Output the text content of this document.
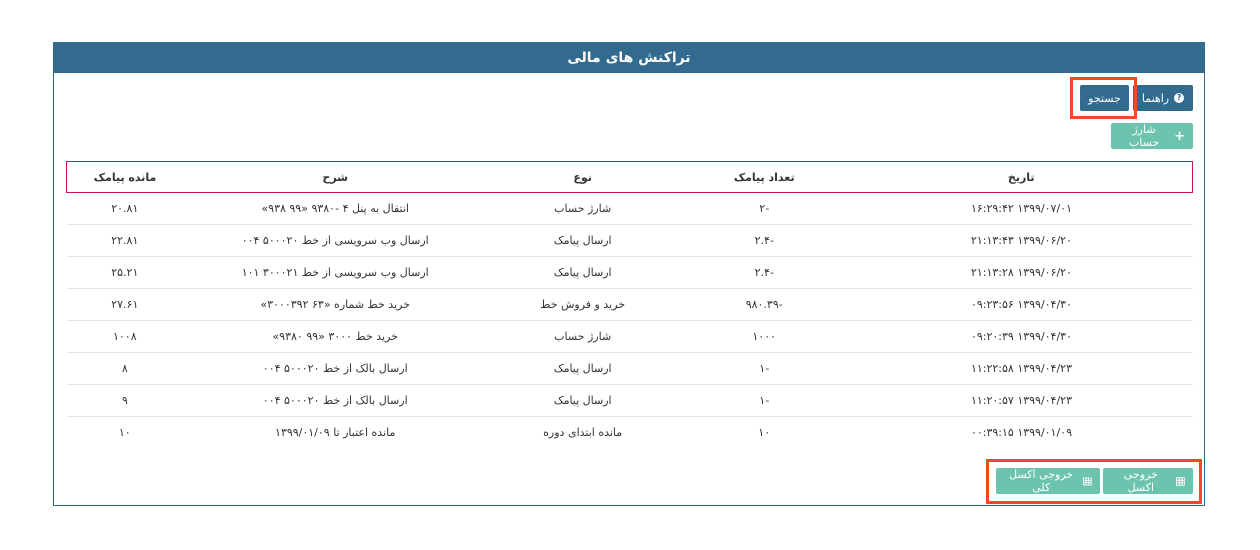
تراکنش های مالی
?
راهنما
جستجو
+
شارژ حساب
تاریخ	تعداد پیامک	نوع	شرح	مانده پیامک
۱۳۹۹/۰۷/۰۱ ۱۶:۲۹:۴۲	-۲	شارژ حساب	انتقال به پنل ۴ -۹۳۸۰ «۹۹ ۹۳۸»	۲۰.۸۱
۱۳۹۹/۰۶/۲۰ ۲۱:۱۳:۴۳	-۲.۴	ارسال پیامک	ارسال وب سرویسی از خط ۵۰۰۰۲۰ ۰۰۴	۲۲.۸۱
۱۳۹۹/۰۶/۲۰ ۲۱:۱۳:۲۸	-۲.۴	ارسال پیامک	ارسال وب سرویسی از خط ۳۰۰۰۲۱ ۱۰۱	۲۵.۲۱
۱۳۹۹/۰۴/۳۰ ۰۹:۲۳:۵۶	-۹۸۰.۳۹	خرید و فروش خط	خرید خط شماره «۶۳ ۳۰۰۰۳۹۲»	۲۷.۶۱
۱۳۹۹/۰۴/۳۰ ۰۹:۲۰:۳۹	۱۰۰۰	شارژ حساب	خرید خط ۳۰۰۰ «۹۹ ۹۳۸۰»	۱۰۰۸
۱۳۹۹/۰۴/۲۳ ۱۱:۲۲:۵۸	-۱	ارسال پیامک	ارسال بالک از خط ۵۰۰۰۲۰ ۰۰۴	۸
۱۳۹۹/۰۴/۲۳ ۱۱:۲۰:۵۷	-۱	ارسال پیامک	ارسال بالک از خط ۵۰۰۰۲۰ ۰۰۴	۹
۱۳۹۹/۰۱/۰۹ ۰۰:۳۹:۱۵	۱۰	مانده ابتدای دوره	مانده اعتبار تا ۱۳۹۹/۰۱/۰۹	۱۰
خروجی اکسل
خروجی اکسل کلی
